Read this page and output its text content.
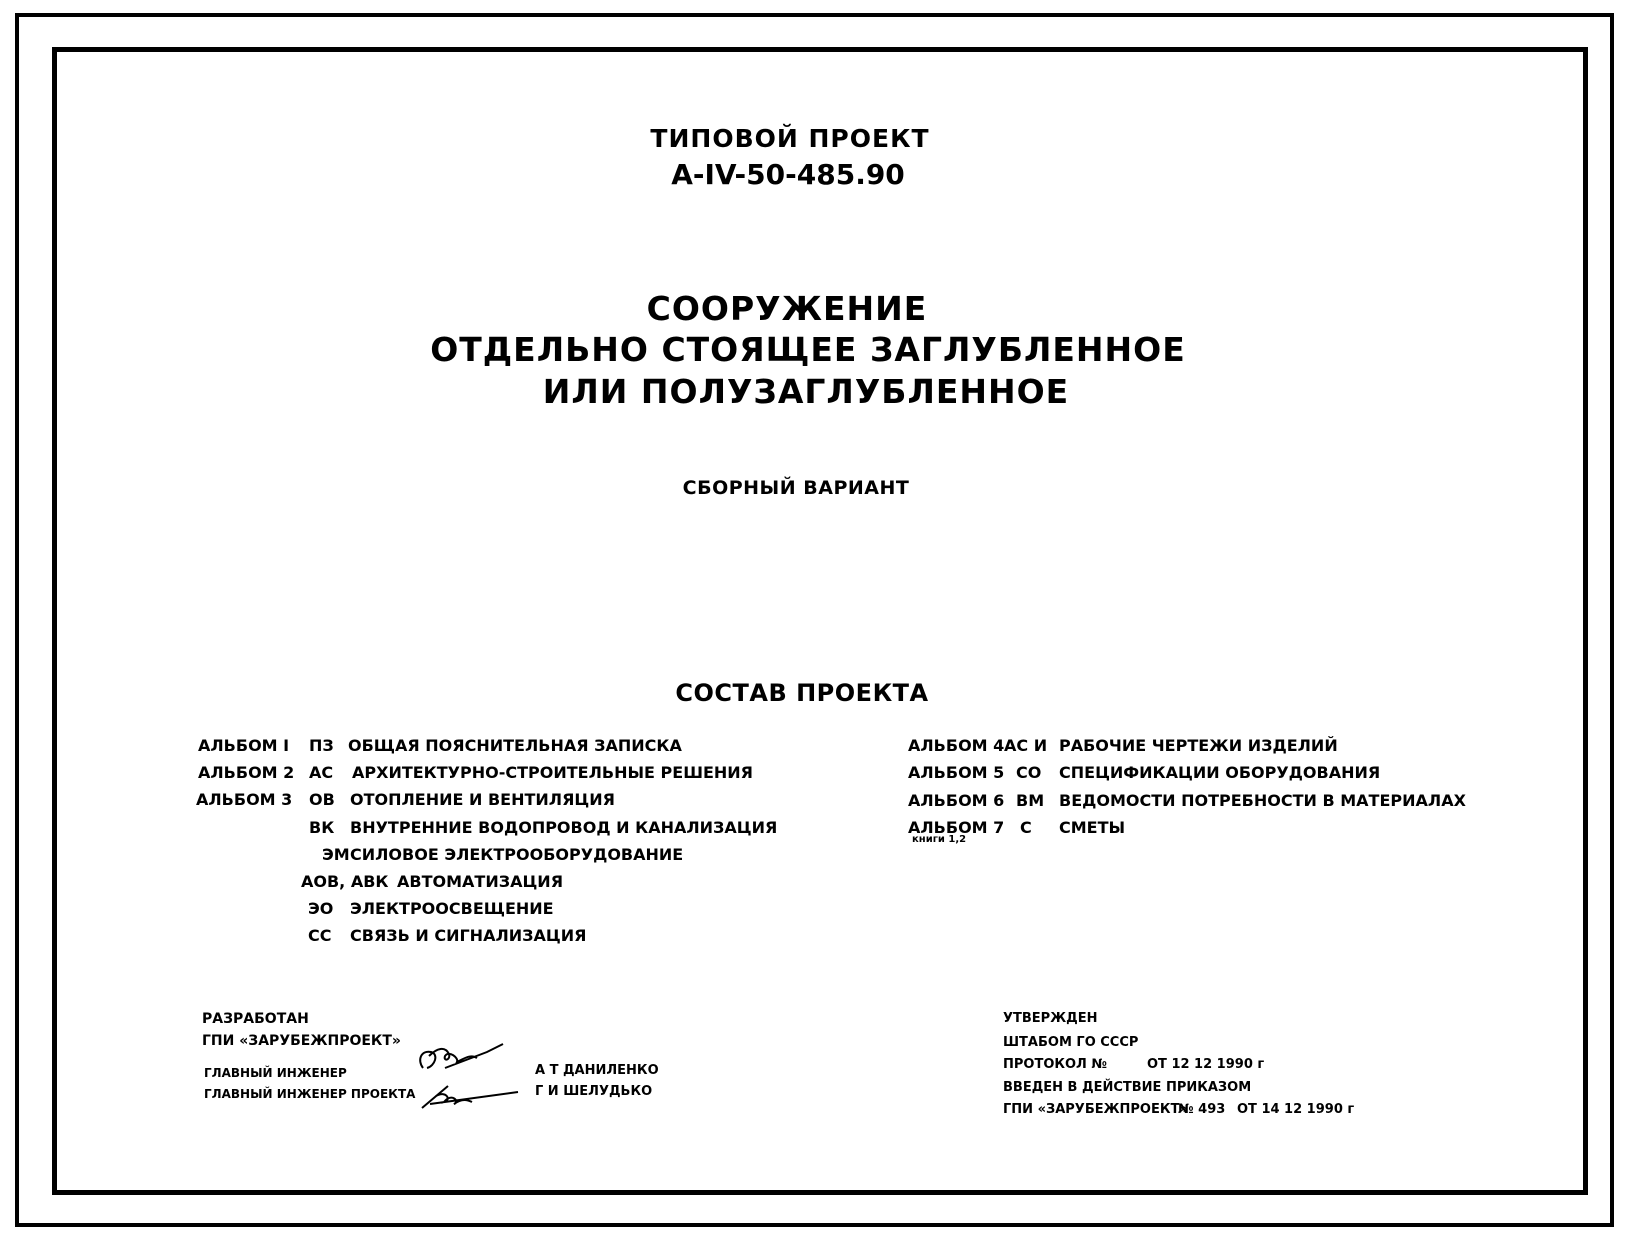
ТИПОВОЙ ПРОЕКТ
А-IV-50-485.90
СООРУЖЕНИЕ
ОТДЕЛЬНО СТОЯЩЕЕ ЗАГЛУБЛЕННОЕ
ИЛИ ПОЛУЗАГЛУБЛЕННОЕ
СБОРНЫЙ ВАРИАНТ
СОСТАВ ПРОЕКТА
АЛЬБОМ I ПЗ ОБЩАЯ ПОЯСНИТЕЛЬНАЯ ЗАПИСКА
АЛЬБОМ 2 АС АРХИТЕКТУРНО-СТРОИТЕЛЬНЫЕ РЕШЕНИЯ
АЛЬБОМ 3 ОВ ОТОПЛЕНИЕ И ВЕНТИЛЯЦИЯ
ВК ВНУТРЕННИЕ ВОДОПРОВОД И КАНАЛИЗАЦИЯ
ЭМ СИЛОВОЕ ЭЛЕКТРООБОРУДОВАНИЕ
АОВ, АВК АВТОМАТИЗАЦИЯ
ЭО ЭЛЕКТРООСВЕЩЕНИЕ
СС СВЯЗЬ И СИГНАЛИЗАЦИЯ
АЛЬБОМ 4 АС И РАБОЧИЕ ЧЕРТЕЖИ ИЗДЕЛИЙ
АЛЬБОМ 5 СО СПЕЦИФИКАЦИИ ОБОРУДОВАНИЯ
АЛЬБОМ 6 ВМ ВЕДОМОСТИ ПОТРЕБНОСТИ В МАТЕРИАЛАХ
АЛЬБОМ 7 С СМЕТЫ
книги 1,2
РАЗРАБОТАН
ГПИ «ЗАРУБЕЖПРОЕКТ»
ГЛАВНЫЙ ИНЖЕНЕР	А Т ДАНИЛЕНКО
ГЛАВНЫЙ ИНЖЕНЕР ПРОЕКТА	Г И ШЕЛУДЬКО
УТВЕРЖДЕН
ШТАБОМ ГО СССР
ПРОТОКОЛ №	ОТ 12 12 1990 г
ВВЕДЕН В ДЕЙСТВИЕ ПРИКАЗОМ
ГПИ «ЗАРУБЕЖПРОЕКТ»
№ 493 ОТ 14 12 1990 г
